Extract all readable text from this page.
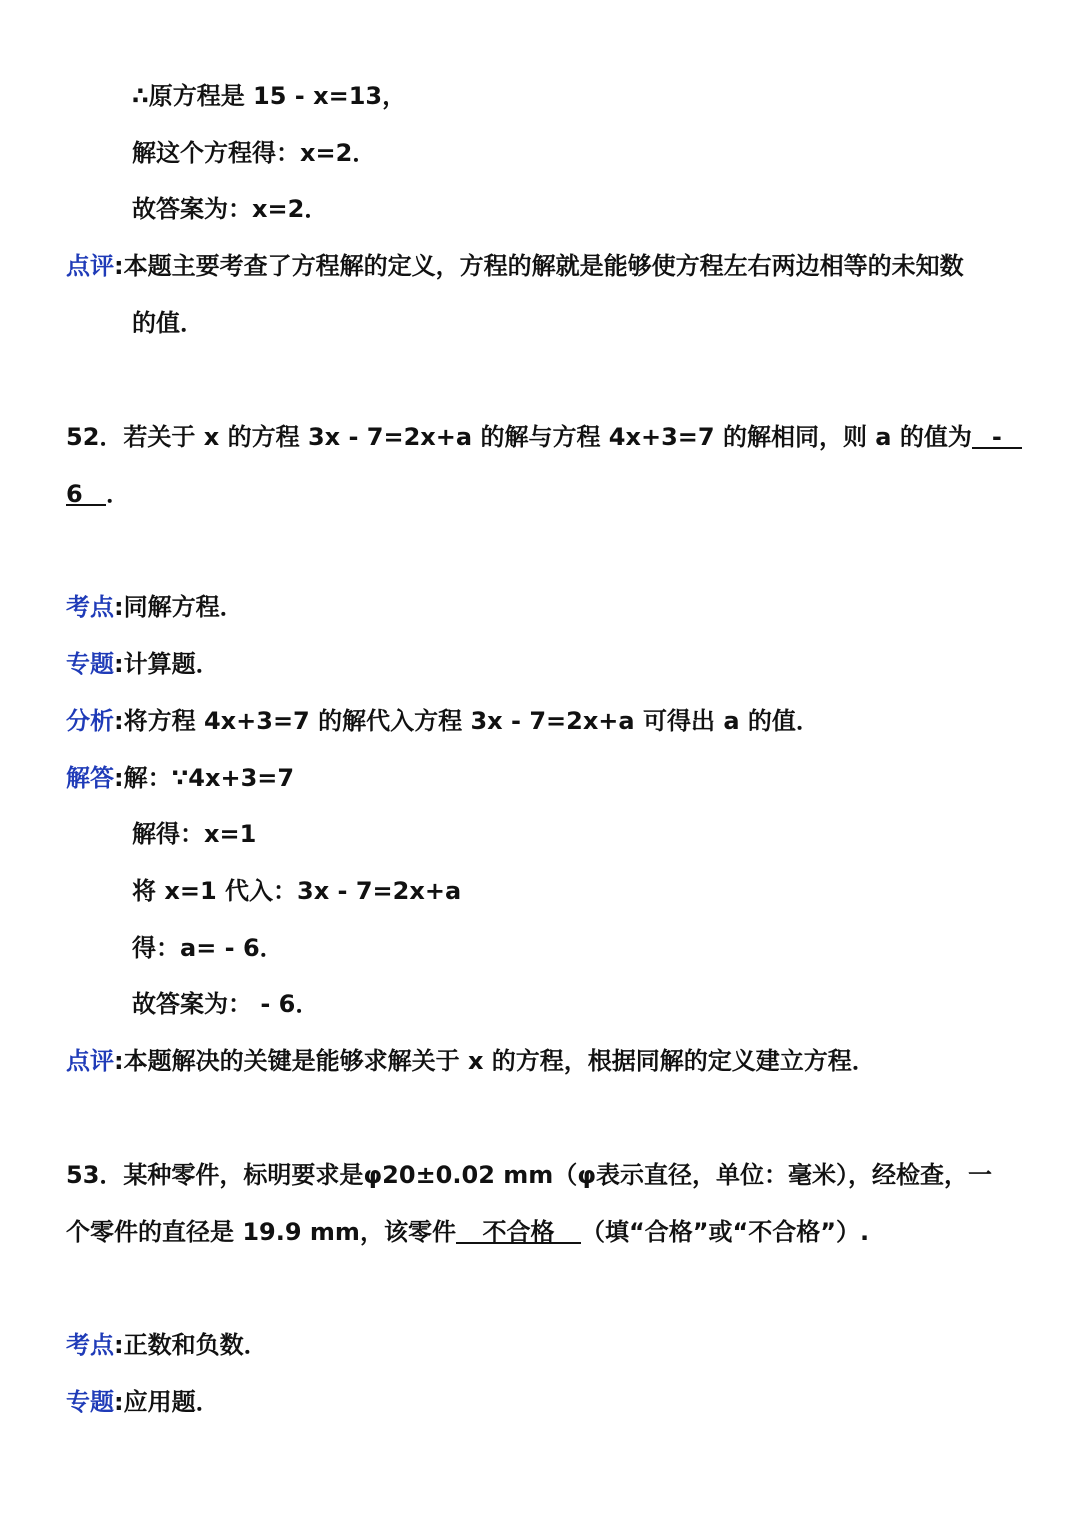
∴原方程是 15 - x=13，
解这个方程得：x=2．
故答案为：x=2．
点评:本题主要考查了方程解的定义，方程的解就是能够使方程左右两边相等的未知数
的值．
52．若关于 x 的方程 3x - 7=2x+a 的解与方程 4x+3=7 的解相同，则 a 的值为 -
6 ．
考点:同解方程．
专题:计算题．
分析:将方程 4x+3=7 的解代入方程 3x - 7=2x+a 可得出 a 的值．
解答:解：∵4x+3=7
解得：x=1
将 x=1 代入：3x - 7=2x+a
得：a= - 6．
故答案为： - 6．
点评:本题解决的关键是能够求解关于 x 的方程，根据同解的定义建立方程．
53．某种零件，标明要求是φ20±0.02 mm（φ表示直径，单位：毫米），经检查，一
个零件的直径是 19.9 mm，该零件 不合格 （填“合格”或“不合格”）.
考点:正数和负数．
专题:应用题．
